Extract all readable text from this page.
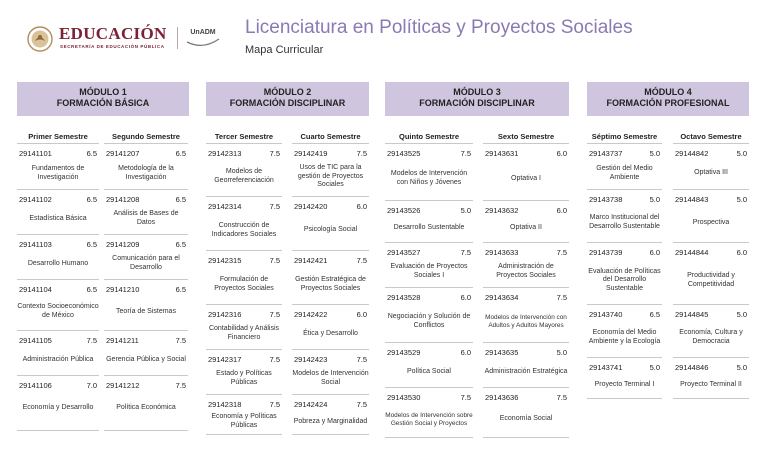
EDUCACIÓN
SECRETARÍA DE EDUCACIÓN PÚBLICA
UnADM Licenciatura en Políticas y Proyectos Sociales
Mapa Curricular
MÓDULO 1
FORMACIÓN BÁSICA
Primer Semestre
29141101	6.5
Fundamentos de Investigación
29141102	6.5
Estadística Básica
29141103	6.5
Desarrollo Humano
29141104	6.5
Contexto Socioeconómico de México
29141105	7.5
Administración Pública
29141106	7.0
Economía y Desarrollo
Segundo Semestre
29141207	6.5
Metodología de la Investigación
29141208	6.5
Análisis de Bases de Datos
29141209	6.5
Comunicación para el Desarrollo
29141210	6.5
Teoría de Sistemas
29141211	7.5
Gerencia Pública y Social
29141212	7.5
Política Económica
MÓDULO 2
FORMACIÓN DISCIPLINAR
Tercer Semestre
29142313	7.5
Modelos de Georreferenciación
29142314	7.5
Construcción de Indicadores Sociales
29142315	7.5
Formulación de Proyectos Sociales
29142316	7.5
Contabilidad y Análisis Financiero
29142317	7.5
Estado y Políticas Públicas
29142318	7.5
Economía y Políticas Públicas
Cuarto Semestre
29142419	7.5
Usos de TIC para la gestión de Proyectos Sociales
29142420	6.0
Psicología Social
29142421	7.5
Gestión Estratégica de Proyectos Sociales
29142422	6.0
Ética y Desarrollo
29142423	7.5
Modelos de Intervención Social
29142424	7.5
Pobreza y Marginalidad
MÓDULO 3
FORMACIÓN DISCIPLINAR
Quinto Semestre
29143525	7.5
Modelos de Intervención con Niños y Jóvenes
29143526	5.0
Desarrollo Sustentable
29143527	7.5
Evaluación de Proyectos Sociales I
29143528	6.0
Negociación y Solución de Conflictos
29143529	6.0
Política Social
29143530	7.5
Modelos de Intervención sobre Gestión Social y Proyectos
Sexto Semestre
29143631	6.0
Optativa I
29143632	6.0
Optativa II
29143633	7.5
Administración de Proyectos Sociales
29143634	7.5
Modelos de Intervención con Adultos y Adultos Mayores
29143635	5.0
Administración Estratégica
29143636	7.5
Economía Social
MÓDULO 4
FORMACIÓN PROFESIONAL
Séptimo Semestre
29143737	5.0
Gestión del Medio Ambiente
29143738	5.0
Marco Institucional del Desarrollo Sustentable
29143739	6.0
Evaluación de Políticas del Desarrollo Sustentable
29143740	6.5
Economía del Medio Ambiente y la Ecología
29143741	5.0
Proyecto Terminal I
Octavo Semestre
29144842	5.0
Optativa III
29144843	5.0
Prospectiva
29144844	6.0
Productividad y Competitividad
29144845	5.0
Economía, Cultura y Democracia
29144846	5.0
Proyecto Terminal II
